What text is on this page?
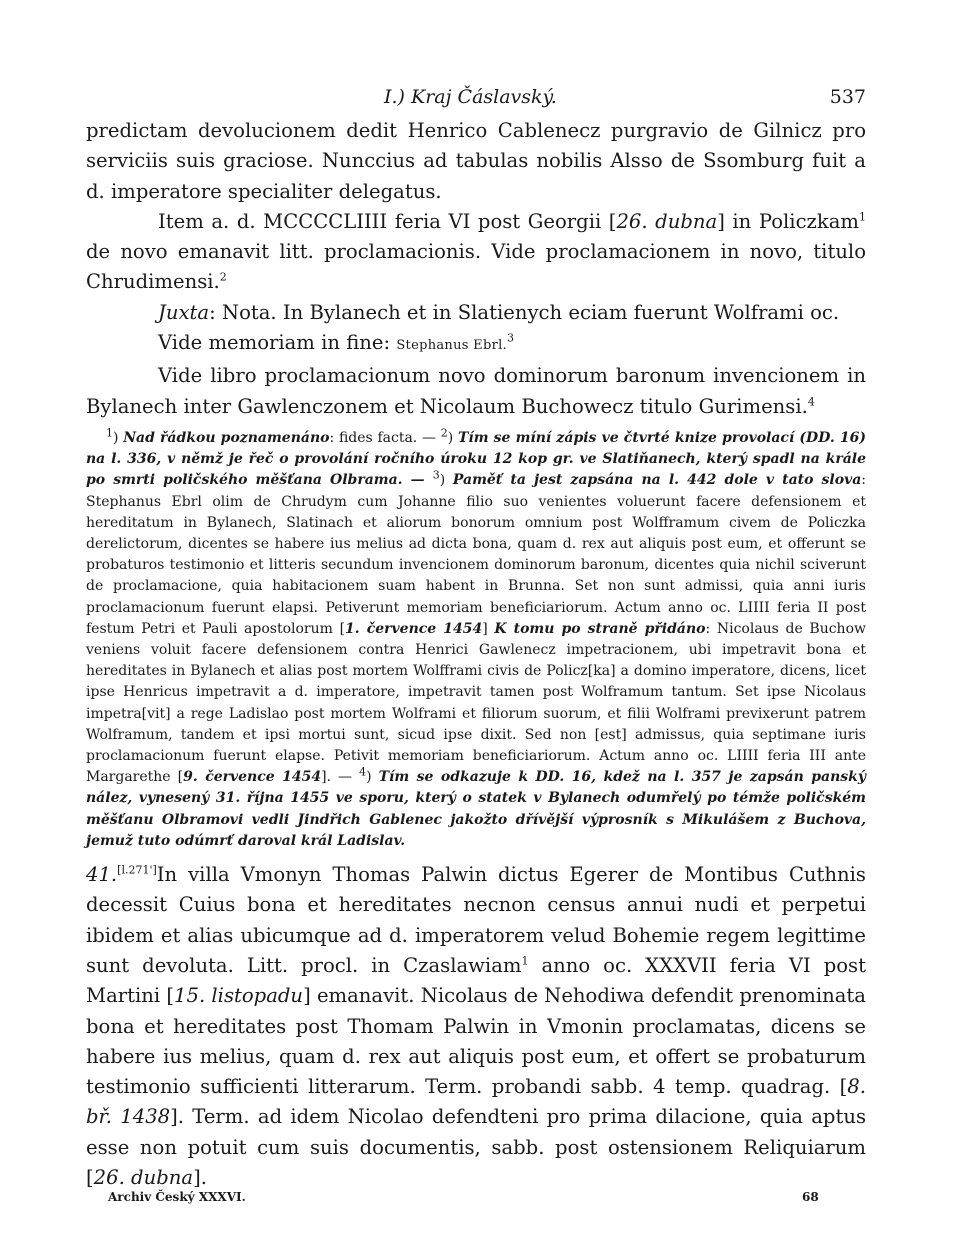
I.) Kraj Čáslavský.	537

predictam devolucionem dedit Henrico Cablenecz purgravio de Gilnicz pro serviciis suis graciose. Nunccius ad tabulas nobilis Alsso de Ssomburg fuit a d. imperatore specialiter delegatus.

Item a. d. MCCCCLIIII feria VI post Georgii [26. dubna] in Policzkam$^1$ de novo emanavit litt. proclamacionis. Vide proclamacionem in novo, titulo Chrudimensi.$^2$

Juxta: Nota. In Bylanech et in Slatienych eciam fuerunt Wolframi oc.

Vide memoriam in fine: Stephanus Ebrl.$^3$

Vide libro proclamacionum novo dominorum baronum invencionem in Bylanech inter Gawlenczonem et Nicolaum Buchowecz titulo Gurimensi.$^4$

$^1$) Nad řádkou poznamenáno: fides facta. — $^2$) Tím se míní zápis ve čtvrté knize provolací (DD. 16) na l. 336, v němž je řeč o provolání ročního úroku 12 kop gr. ve Slatiňanech, který spadl na krále po smrti poličského měšťana Olbramа. — $^3$) Paměť ta jest zapsána na l. 442 dole v tato slova: Stephanus Ebrl olim de Chrudym cum Johanne filio suo venientes voluerunt facere defensionem et hereditatum in Bylanech, Slatinach et aliorum bonorum omnium post Wolfframum civem de Policzka derelictorum, dicentes se habere ius melius ad dicta bona, quam d. rex aut aliquis post eum, et offerunt se probaturos testimonio et litteris secundum invencionem dominorum baronum, dicentes quia nichil sciverunt de proclamacione, quia habitacionem suam habent in Brunna. Set non sunt admissi, quia anni iuris proclamacionum fuerunt elapsi. Petiverunt memoriam beneficiariorum. Actum anno oc. LIIII feria II post festum Petri et Pauli apostolorum [1. července 1454] K tomu po straně přidáno: Nicolaus de Buchow veniens voluit facere defensionem contra Henrici Gawlenecz impetracionem, ubi impetravit bona et hereditates in Bylanech et alias post mortem Wolfframi civis de Policz[ka] a domino imperatore, dicens, licet ipse Henricus impetravit a d. imperatore, impetravit tamen post Wolframum tantum. Set ipse Nicolaus impetra[vit] a rege Ladislao post mortem Wolframi et filiorum suorum, et filii Wolframi previxerunt patrem Wolframum, tandem et ipsi mortui sunt, sicud ipse dixit. Sed non [est] admissus, quia septimane iuris proclamacionum fuerunt elapse. Petivit memoriam beneficiariorum. Actum anno oc. LIIII feria III ante Margarethe [9. července 1454]. — $^4$) Tím se odkazuje k DD. 16, kdež na l. 357 je zapsán panský nález, vynesený 31. října 1455 ve sporu, který o statek v Bylanech odumřelý po témže poličském měšťanu Olbramovi vedli Jindřich Gablenec jakožto dřívější výprosník s Mikulášem z Buchova, jemuž tuto odúmrť daroval král Ladislav.

41.[l.271']In villa Vmonyn Thomas Palwin dictus Egerer de Montibus Cuthnis decessit Cuius bona et hereditates necnon census annui nudi et perpetui ibidem et alias ubicumque ad d. imperatorem velud Bohemie regem legittime sunt devoluta. Litt. procl. in Czaslawiam$^1$ anno oc. XXXVII feria VI post Martini [15. listopadu] emanavit. Nicolaus de Nehodiwa defendit prenominata bona et hereditates post Thomam Palwin in Vmonin proclamatas, dicens se habere ius melius, quam d. rex aut aliquis post eum, et offert se probaturum testimonio sufficienti litterarum. Term. probandi sabb. 4 temp. quadrag. [8. bř. 1438]. Term. ad idem Nicolao defendteni pro prima dilacione, quia aptus esse non potuit cum suis documentis, sabb. post ostensionem Reliquiarum [26. dubna].

Archiv Český XXXVI.	68
